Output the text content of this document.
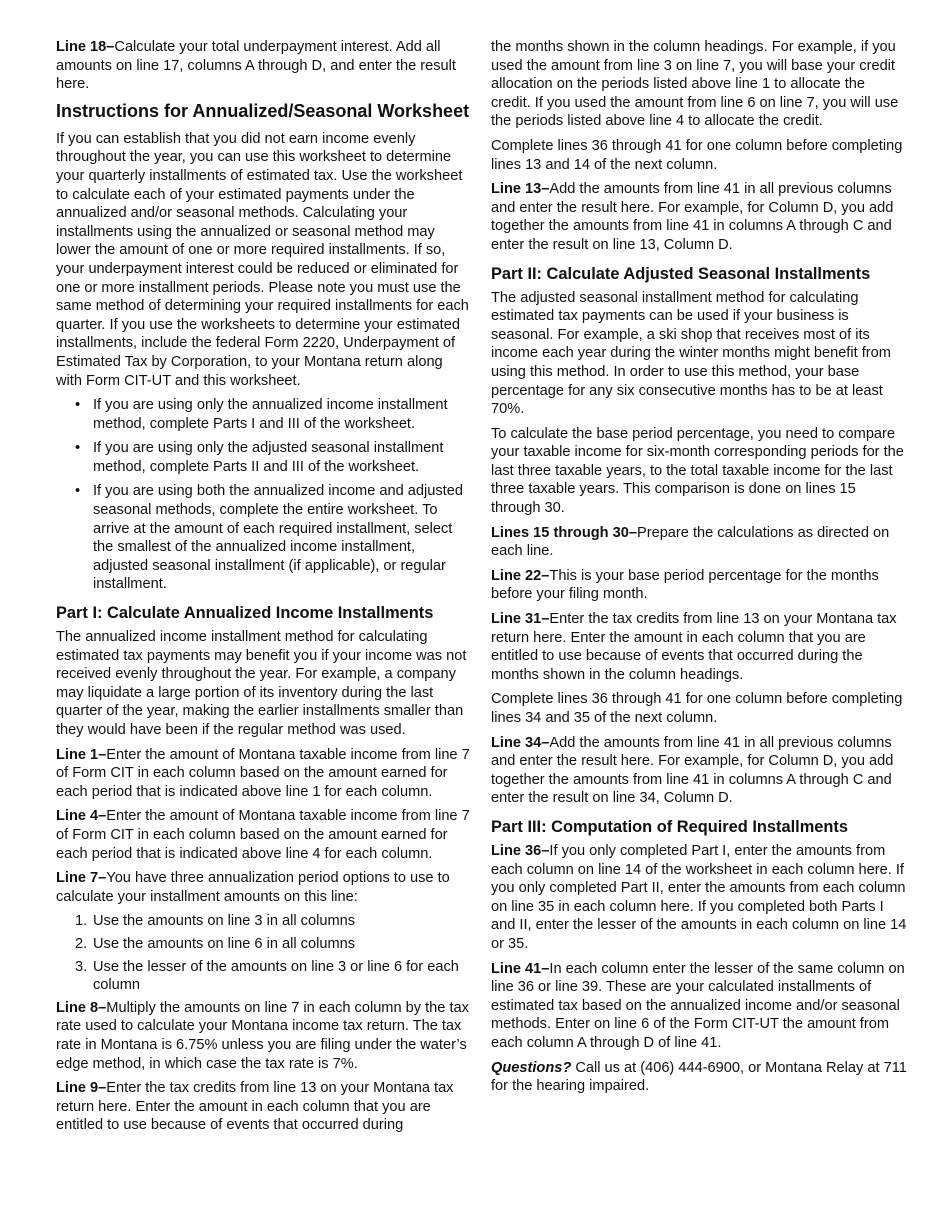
Line 18–Calculate your total underpayment interest. Add all amounts on line 17, columns A through D, and enter the result here.

Instructions for Annualized/Seasonal Worksheet

If you can establish that you did not earn income evenly throughout the year, you can use this worksheet to determine your quarterly installments of estimated tax. Use the worksheet to calculate each of your estimated payments under the annualized and/or seasonal methods. Calculating your installments using the annualized or seasonal method may lower the amount of one or more required installments. If so, your underpayment interest could be reduced or eliminated for one or more installment periods. Please note you must use the same method of determining your required installments for each quarter. If you use the worksheets to determine your estimated installments, include the federal Form 2220, Underpayment of Estimated Tax by Corporation, to your Montana return along with Form CIT-UT and this worksheet.

• If you are using only the annualized income installment method, complete Parts I and III of the worksheet.
• If you are using only the adjusted seasonal installment method, complete Parts II and III of the worksheet.
• If you are using both the annualized income and adjusted seasonal methods, complete the entire worksheet. To arrive at the amount of each required installment, select the smallest of the annualized income installment, adjusted seasonal installment (if applicable), or regular installment.
Part I: Calculate Annualized Income Installments

The annualized income installment method for calculating estimated tax payments may benefit you if your income was not received evenly throughout the year. For example, a company may liquidate a large portion of its inventory during the last quarter of the year, making the earlier installments smaller than they would have been if the regular method was used.

Line 1–Enter the amount of Montana taxable income from line 7 of Form CIT in each column based on the amount earned for each period that is indicated above line 1 for each column.

Line 4–Enter the amount of Montana taxable income from line 7 of Form CIT in each column based on the amount earned for each period that is indicated above line 4 for each column.

Line 7–You have three annualization period options to use to calculate your installment amounts on this line:

1. Use the amounts on line 3 in all columns
2. Use the amounts on line 6 in all columns
3. Use the lesser of the amounts on line 3 or line 6 for each column

Line 8–Multiply the amounts on line 7 in each column by the tax rate used to calculate your Montana income tax return. The tax rate in Montana is 6.75% unless you are filing under the water’s edge method, in which case the tax rate is 7%.

Line 9–Enter the tax credits from line 13 on your Montana tax return here. Enter the amount in each column that you are entitled to use because of events that occurred during

the months shown in the column headings. For example, if you used the amount from line 3 on line 7, you will base your credit allocation on the periods listed above line 1 to allocate the credit. If you used the amount from line 6 on line 7, you will use the periods listed above line 4 to allocate the credit.

Complete lines 36 through 41 for one column before completing lines 13 and 14 of the next column.

Line 13–Add the amounts from line 41 in all previous columns and enter the result here. For example, for Column D, you add together the amounts from line 41 in columns A through C and enter the result on line 13, Column D.

Part II: Calculate Adjusted Seasonal Installments

The adjusted seasonal installment method for calculating estimated tax payments can be used if your business is seasonal. For example, a ski shop that receives most of its income each year during the winter months might benefit from using this method. In order to use this method, your base percentage for any six consecutive months has to be at least 70%.

To calculate the base period percentage, you need to compare your taxable income for six-month corresponding periods for the last three taxable years, to the total taxable income for the last three taxable years. This comparison is done on lines 15 through 30.

Lines 15 through 30–Prepare the calculations as directed on each line.

Line 22–This is your base period percentage for the months before your filing month.

Line 31–Enter the tax credits from line 13 on your Montana tax return here. Enter the amount in each column that you are entitled to use because of events that occurred during the months shown in the column headings.

Complete lines 36 through 41 for one column before completing lines 34 and 35 of the next column.

Line 34–Add the amounts from line 41 in all previous columns and enter the result here. For example, for Column D, you add together the amounts from line 41 in columns A through C and enter the result on line 34, Column D.

Part III: Computation of Required Installments

Line 36–If you only completed Part I, enter the amounts from each column on line 14 of the worksheet in each column here. If you only completed Part II, enter the amounts from each column on line 35 in each column here. If you completed both Parts I and II, enter the lesser of the amounts in each column on line 14 or 35.

Line 41–In each column enter the lesser of the same column on line 36 or line 39. These are your calculated installments of estimated tax based on the annualized income and/or seasonal methods. Enter on line 6 of the Form CIT-UT the amount from each column A through D of line 41.

Questions? Call us at (406) 444-6900, or Montana Relay at 711 for the hearing impaired.
